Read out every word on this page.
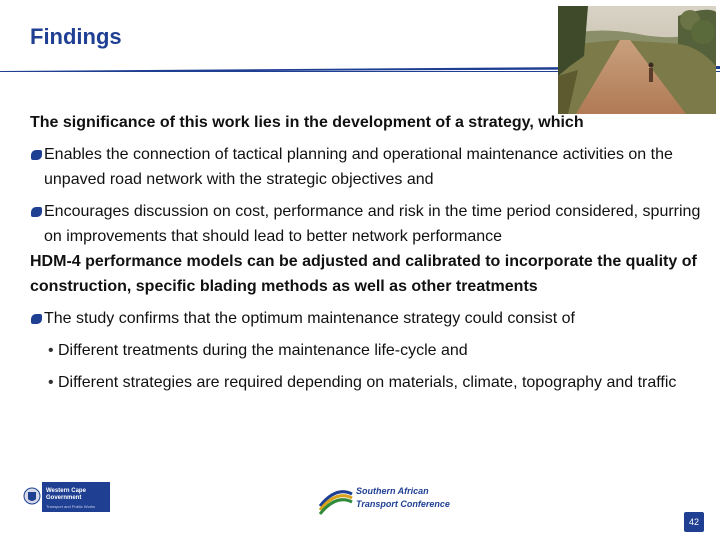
Findings

The significance of this work lies in the development of a strategy, which

Enables the connection of tactical planning and operational maintenance activities on the unpaved road network with the strategic objectives and

Encourages discussion on cost, performance and risk in the time period considered, spurring on improvements that should lead to better network performance

HDM-4 performance models can be adjusted and calibrated to incorporate the quality of construction, specific blading methods as well as other treatments

The study confirms that the optimum maintenance strategy could consist of

• Different treatments during the maintenance life-cycle and

• Different strategies are required depending on materials, climate, topography and traffic

Western Cape
Government
Transport and Public Works
Southern African
Transport Conference
42
